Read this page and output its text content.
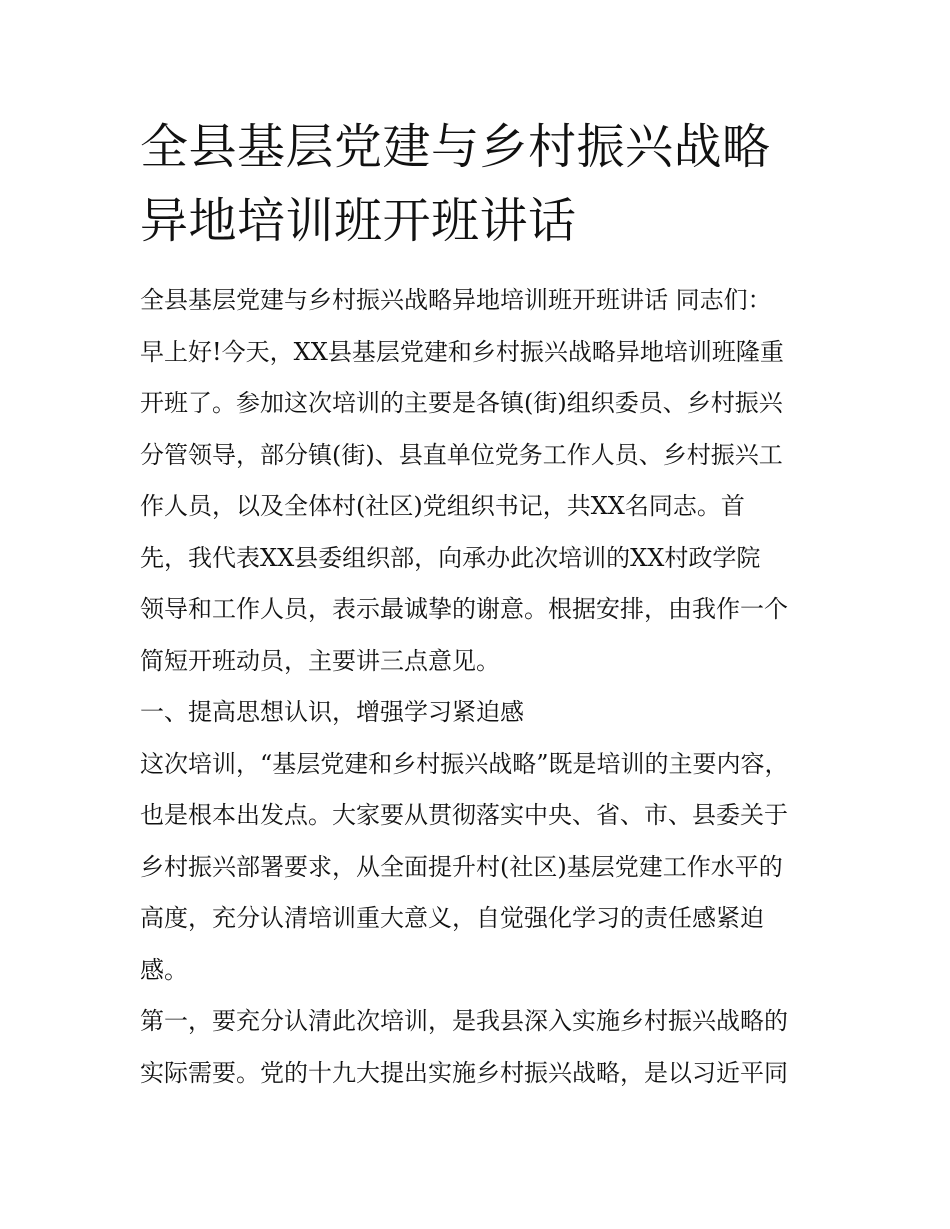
全县基层党建与乡村振兴战略
异地培训班开班讲话
全县基层党建与乡村振兴战略异地培训班开班讲话 同志们：
早上好!今天，XX县基层党建和乡村振兴战略异地培训班隆重
开班了。参加这次培训的主要是各镇(街)组织委员、乡村振兴
分管领导，部分镇(街)、县直单位党务工作人员、乡村振兴工
作人员，以及全体村(社区)党组织书记，共XX名同志。首
先，我代表XX县委组织部，向承办此次培训的XX村政学院
领导和工作人员，表示最诚挚的谢意。根据安排，由我作一个
简短开班动员，主要讲三点意见。
一、提高思想认识，增强学习紧迫感
这次培训，“基层党建和乡村振兴战略”既是培训的主要内容，
也是根本出发点。大家要从贯彻落实中央、省、市、县委关于
乡村振兴部署要求，从全面提升村(社区)基层党建工作水平的
高度，充分认清培训重大意义，自觉强化学习的责任感紧迫
感。
第一，要充分认清此次培训，是我县深入实施乡村振兴战略的
实际需要。党的十九大提出实施乡村振兴战略，是以习近平同
